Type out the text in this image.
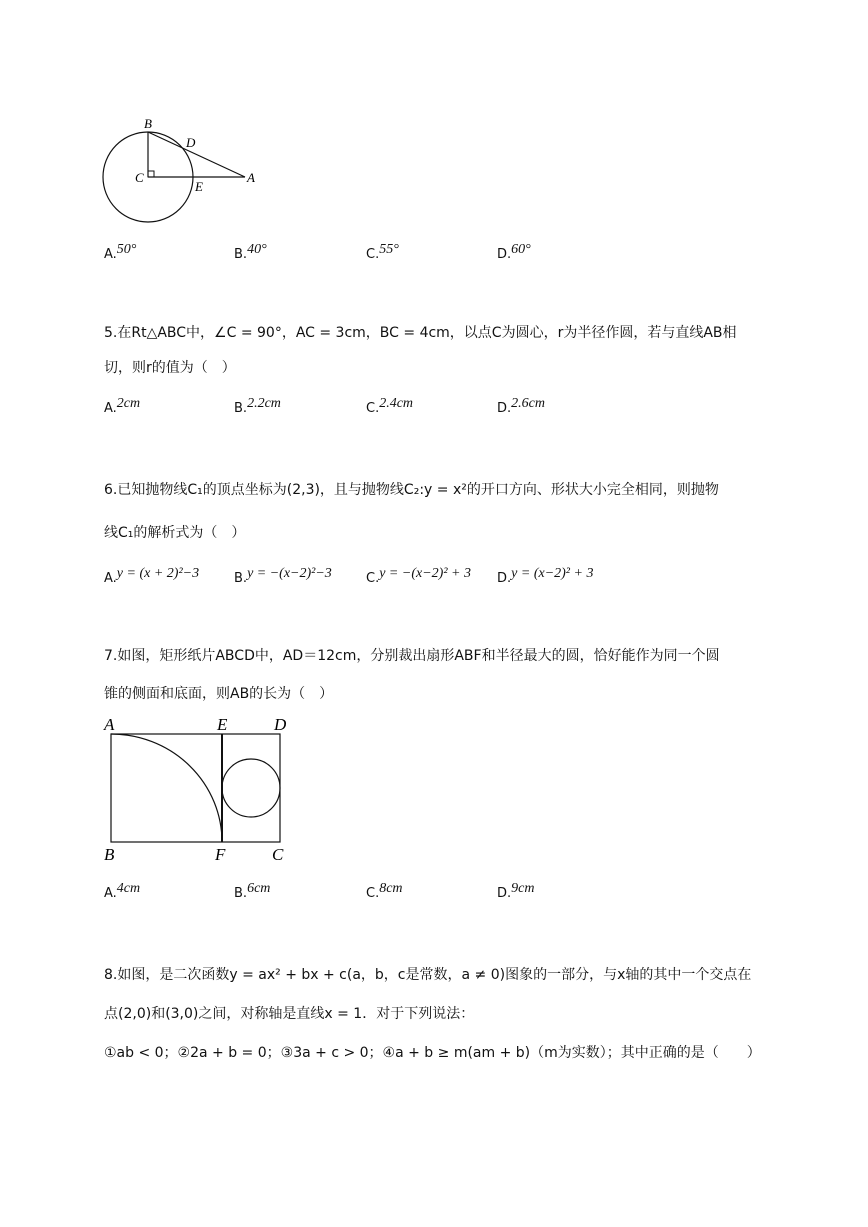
B
D
C
E
A
A.50°	B.40°	C.55°	D.60°
5.在Rt△ABC中，∠C = 90°，AC = 3cm，BC = 4cm，以点C为圆心，r为半径作圆，若与直线AB相
切，则r的值为（　）
A.2cm	B.2.2cm	C.2.4cm	D.2.6cm
6.已知抛物线C₁的顶点坐标为(2,3)，且与抛物线C₂:y = x²的开口方向、形状大小完全相同，则抛物
线C₁的解析式为（　）
A.y = (x + 2)²−3	B.y = −(x−2)²−3	C.y = −(x−2)² + 3 D.y = (x−2)² + 3
7.如图，矩形纸片ABCD中，AD＝12cm，分别裁出扇形ABF和半径最大的圆，恰好能作为同一个圆
锥的侧面和底面，则AB的长为（　）
A	E	D
B	F	C
A.4cm	B.6cm	C.8cm	D.9cm
8.如图，是二次函数y = ax² + bx + c(a，b，c是常数，a ≠ 0)图象的一部分，与x轴的其中一个交点在
点(2,0)和(3,0)之间，对称轴是直线x = 1．对于下列说法：
①ab < 0；②2a + b = 0；③3a + c > 0；④a + b ≥ m(am + b)（m为实数）；其中正确的是（　　）
